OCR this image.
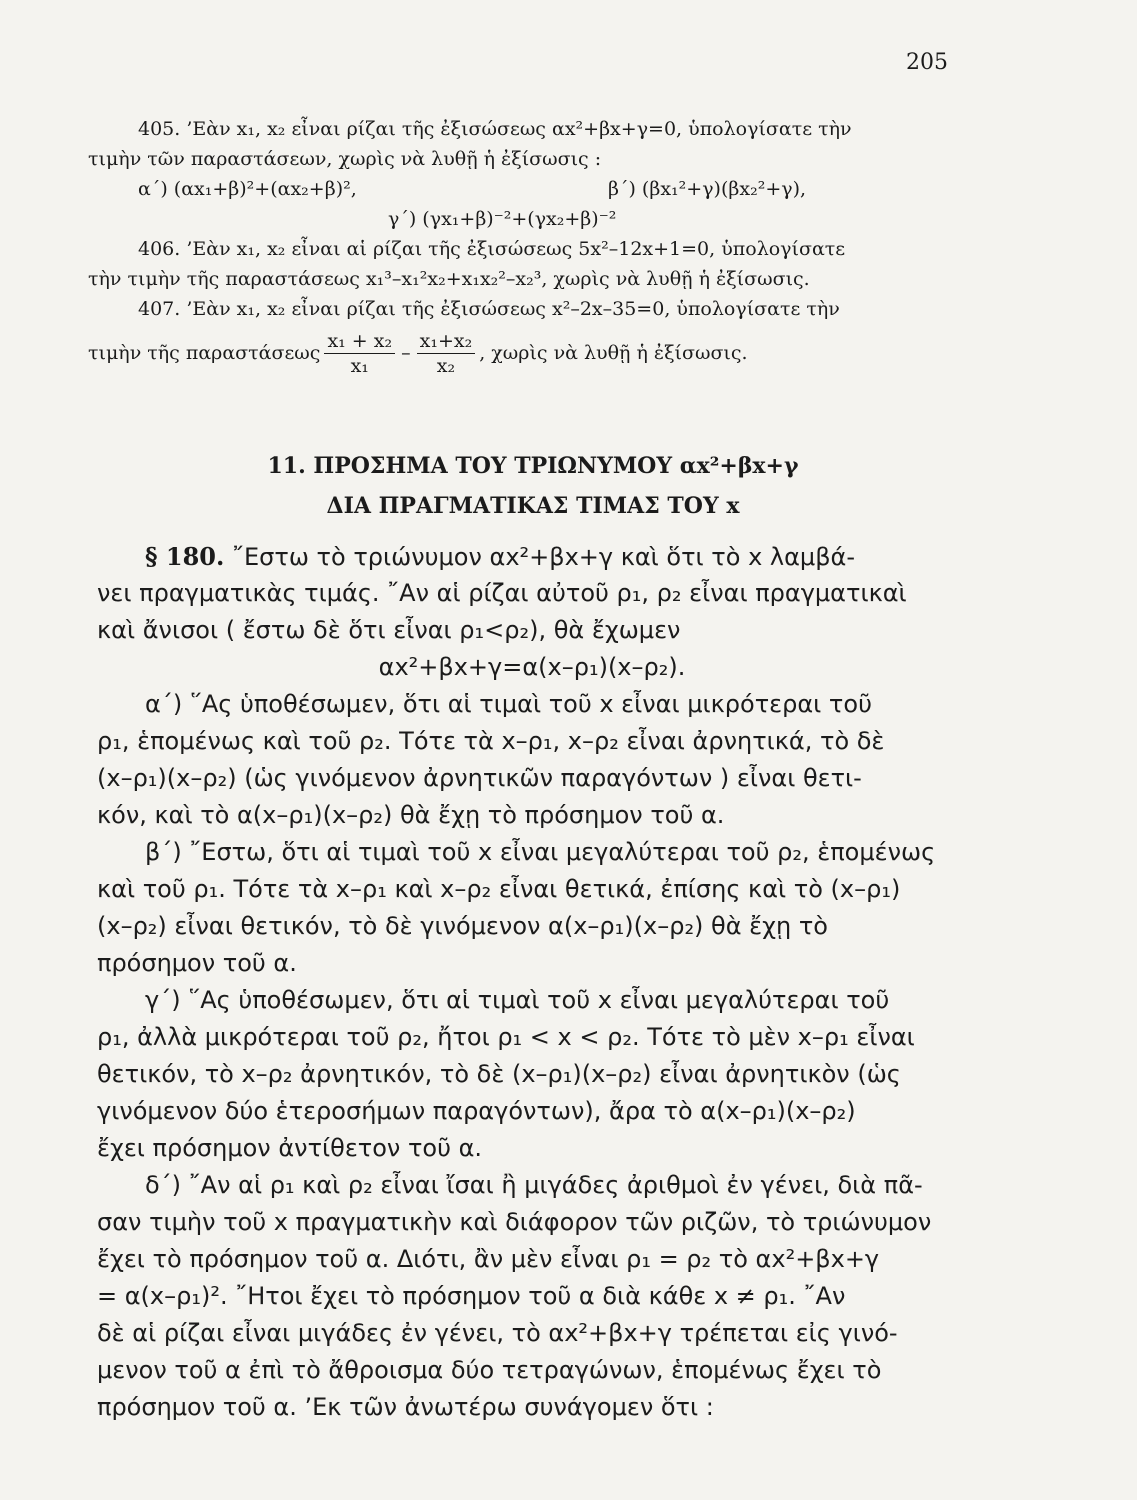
205
405. ’Εὰν x₁, x₂ εἶναι ρίζαι τῆς ἐξισώσεως αx²+βx+γ=0, ὑπολογίσατε τὴν
τιμὴν τῶν παραστάσεων, χωρὶς νὰ λυθῇ ἡ ἐξίσωσις :
α΄) (αx₁+β)²+(αx₂+β)²,	β΄) (βx₁²+γ)(βx₂²+γ),
γ΄) (γx₁+β)⁻²+(γx₂+β)⁻²
406. ’Εὰν x₁, x₂ εἶναι αἱ ρίζαι τῆς ἐξισώσεως 5x²–12x+1=0, ὑπολογίσατε
τὴν τιμὴν τῆς παραστάσεως x₁³–x₁²x₂+x₁x₂²–x₂³, χωρὶς νὰ λυθῇ ἡ ἐξίσωσις.
407. ’Εὰν x₁, x₂ εἶναι ρίζαι τῆς ἐξισώσεως x²–2x–35=0, ὑπολογίσατε τὴν
τιμὴν τῆς παραστάσεως $\frac{\text{x₁ + x₂}}{\text{x₁}} - \frac{\text{x₁+x₂}}{\text{x₂}}$ , χωρὶς νὰ λυθῇ ἡ ἐξίσωσις.
11. ΠΡΟΣΗΜΑ ΤΟΥ ΤΡΙΩΝΥΜΟΥ αx²+βx+γ
ΔΙΑ ΠΡΑΓΜΑΤΙΚΑΣ ΤΙΜΑΣ ΤΟΥ x
§ 180. ῎Εστω τὸ τριώνυμον αx²+βx+γ καὶ ὅτι τὸ x λαμβά-
νει πραγματικὰς τιμάς. ῎Αν αἱ ρίζαι αὐτοῦ ρ₁, ρ₂ εἶναι πραγματικαὶ
καὶ ἄνισοι ( ἔστω δὲ ὅτι εἶναι ρ₁<ρ₂), θὰ ἔχωμεν
αx²+βx+γ=α(x–ρ₁)(x–ρ₂).
α΄) ῞Ας ὑποθέσωμεν, ὅτι αἱ τιμαὶ τοῦ x εἶναι μικρότεραι τοῦ
ρ₁, ἑπομένως καὶ τοῦ ρ₂. Τότε τὰ x–ρ₁, x–ρ₂ εἶναι ἀρνητικά, τὸ δὲ
(x–ρ₁)(x–ρ₂) (ὡς γινόμενον ἀρνητικῶν παραγόντων ) εἶναι θετι-
κόν, καὶ τὸ α(x–ρ₁)(x–ρ₂) θὰ ἔχῃ τὸ πρόσημον τοῦ α.
β΄) ῎Εστω, ὅτι αἱ τιμαὶ τοῦ x εἶναι μεγαλύτεραι τοῦ ρ₂, ἑπομένως
καὶ τοῦ ρ₁. Τότε τὰ x–ρ₁ καὶ x–ρ₂ εἶναι θετικά, ἐπίσης καὶ τὸ (x–ρ₁)
(x–ρ₂) εἶναι θετικόν, τὸ δὲ γινόμενον α(x–ρ₁)(x–ρ₂) θὰ ἔχῃ τὸ
πρόσημον τοῦ α.
γ΄) ῞Ας ὑποθέσωμεν, ὅτι αἱ τιμαὶ τοῦ x εἶναι μεγαλύτεραι τοῦ
ρ₁, ἀλλὰ μικρότεραι τοῦ ρ₂, ἤτοι ρ₁ < x < ρ₂. Τότε τὸ μὲν x–ρ₁ εἶναι
θετικόν, τὸ x–ρ₂ ἀρνητικόν, τὸ δὲ (x–ρ₁)(x–ρ₂) εἶναι ἀρνητικὸν (ὡς
γινόμενον δύο ἑτεροσήμων παραγόντων), ἄρα τὸ α(x–ρ₁)(x–ρ₂)
ἔχει πρόσημον ἀντίθετον τοῦ α.
δ΄) ῎Αν αἱ ρ₁ καὶ ρ₂ εἶναι ἴσαι ἢ μιγάδες ἀριθμοὶ ἐν γένει, διὰ πᾶ-
σαν τιμὴν τοῦ x πραγματικὴν καὶ διάφορον τῶν ριζῶν, τὸ τριώνυμον
ἔχει τὸ πρόσημον τοῦ α. Διότι, ἂν μὲν εἶναι ρ₁ = ρ₂ τὸ αx²+βx+γ
= α(x–ρ₁)². ῎Ητοι ἔχει τὸ πρόσημον τοῦ α διὰ κάθε x ≠ ρ₁. ῎Αν
δὲ αἱ ρίζαι εἶναι μιγάδες ἐν γένει, τὸ αx²+βx+γ τρέπεται εἰς γινό-
μενον τοῦ α ἐπὶ τὸ ἄθροισμα δύο τετραγώνων, ἑπομένως ἔχει τὸ
πρόσημον τοῦ α. ’Εκ τῶν ἀνωτέρω συνάγομεν ὅτι :
